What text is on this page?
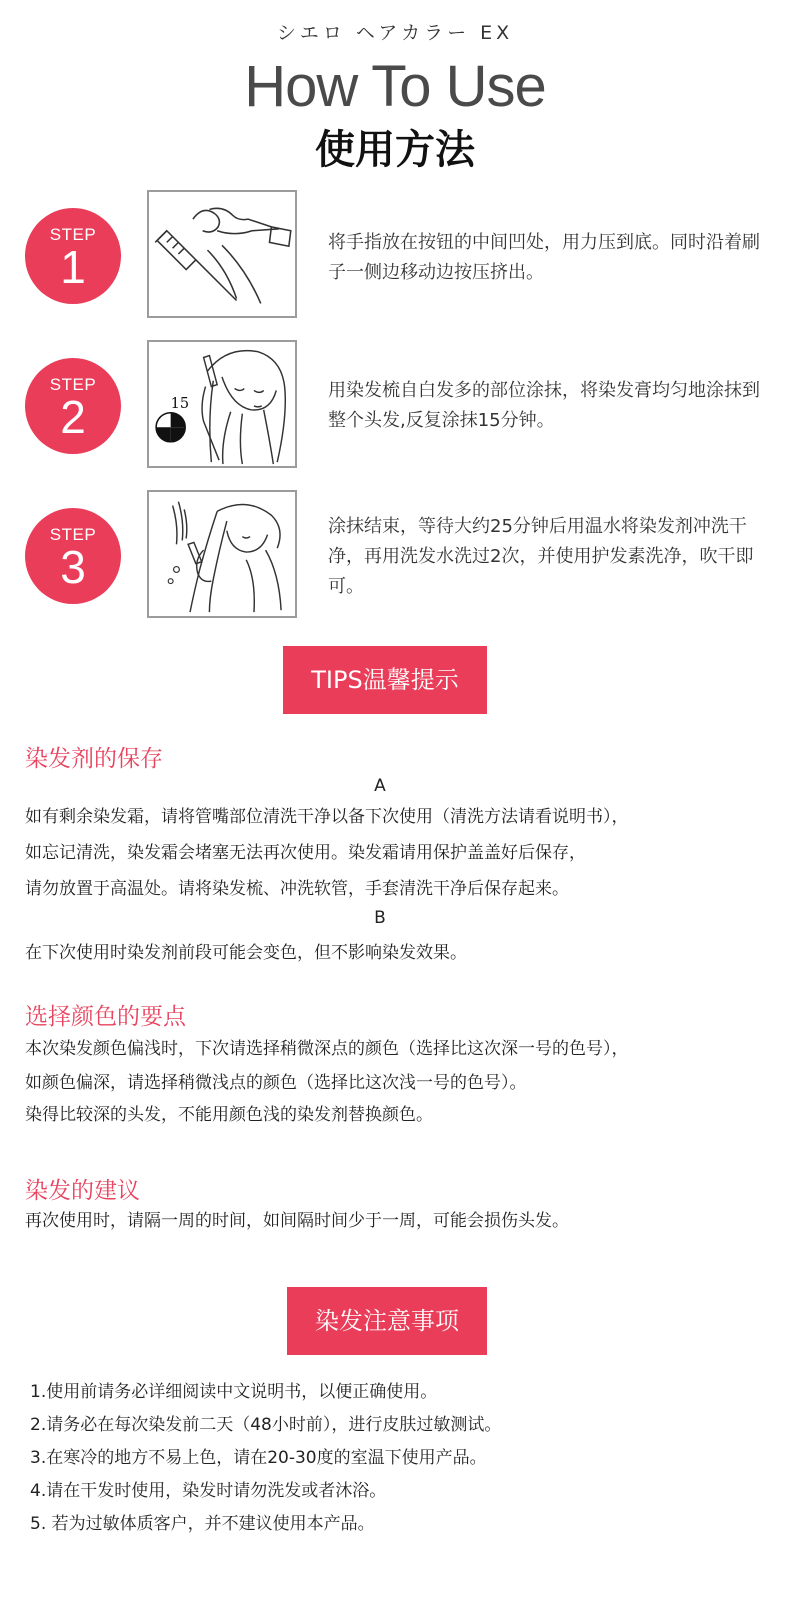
シエロ ヘアカラー EX
How To Use
使用方法
STEP
1	将手指放在按钮的中间凹处，用力压到底。同时沿着刷子一侧边移动边按压挤出。
STEP
2	15
用染发梳自白发多的部位涂抹，将染发膏均匀地涂抹到整个头发,反复涂抹15分钟。
STEP
3
涂抹结束，等待大约25分钟后用温水将染发剂冲洗干净，再用洗发水洗过2次，并使用护发素洗净，吹干即可。
TIPS温馨提示
染发剂的保存
A
如有剩余染发霜，请将管嘴部位清洗干净以备下次使用（清洗方法请看说明书），
如忘记清洗，染发霜会堵塞无法再次使用。染发霜请用保护盖盖好后保存，
请勿放置于高温处。请将染发梳、冲洗软管，手套清洗干净后保存起来。
B
在下次使用时染发剂前段可能会变色，但不影响染发效果。
选择颜色的要点
本次染发颜色偏浅时，下次请选择稍微深点的颜色（选择比这次深一号的色号），
如颜色偏深，请选择稍微浅点的颜色（选择比这次浅一号的色号）。
染得比较深的头发，不能用颜色浅的染发剂替换颜色。
染发的建议
再次使用时，请隔一周的时间，如间隔时间少于一周，可能会损伤头发。
染发注意事项
1.使用前请务必详细阅读中文说明书，以便正确使用。
2.请务必在每次染发前二天（48小时前），进行皮肤过敏测试。
3.在寒冷的地方不易上色，请在20-30度的室温下使用产品。
4.请在干发时使用，染发时请勿洗发或者沐浴。
5. 若为过敏体质客户，并不建议使用本产品。
